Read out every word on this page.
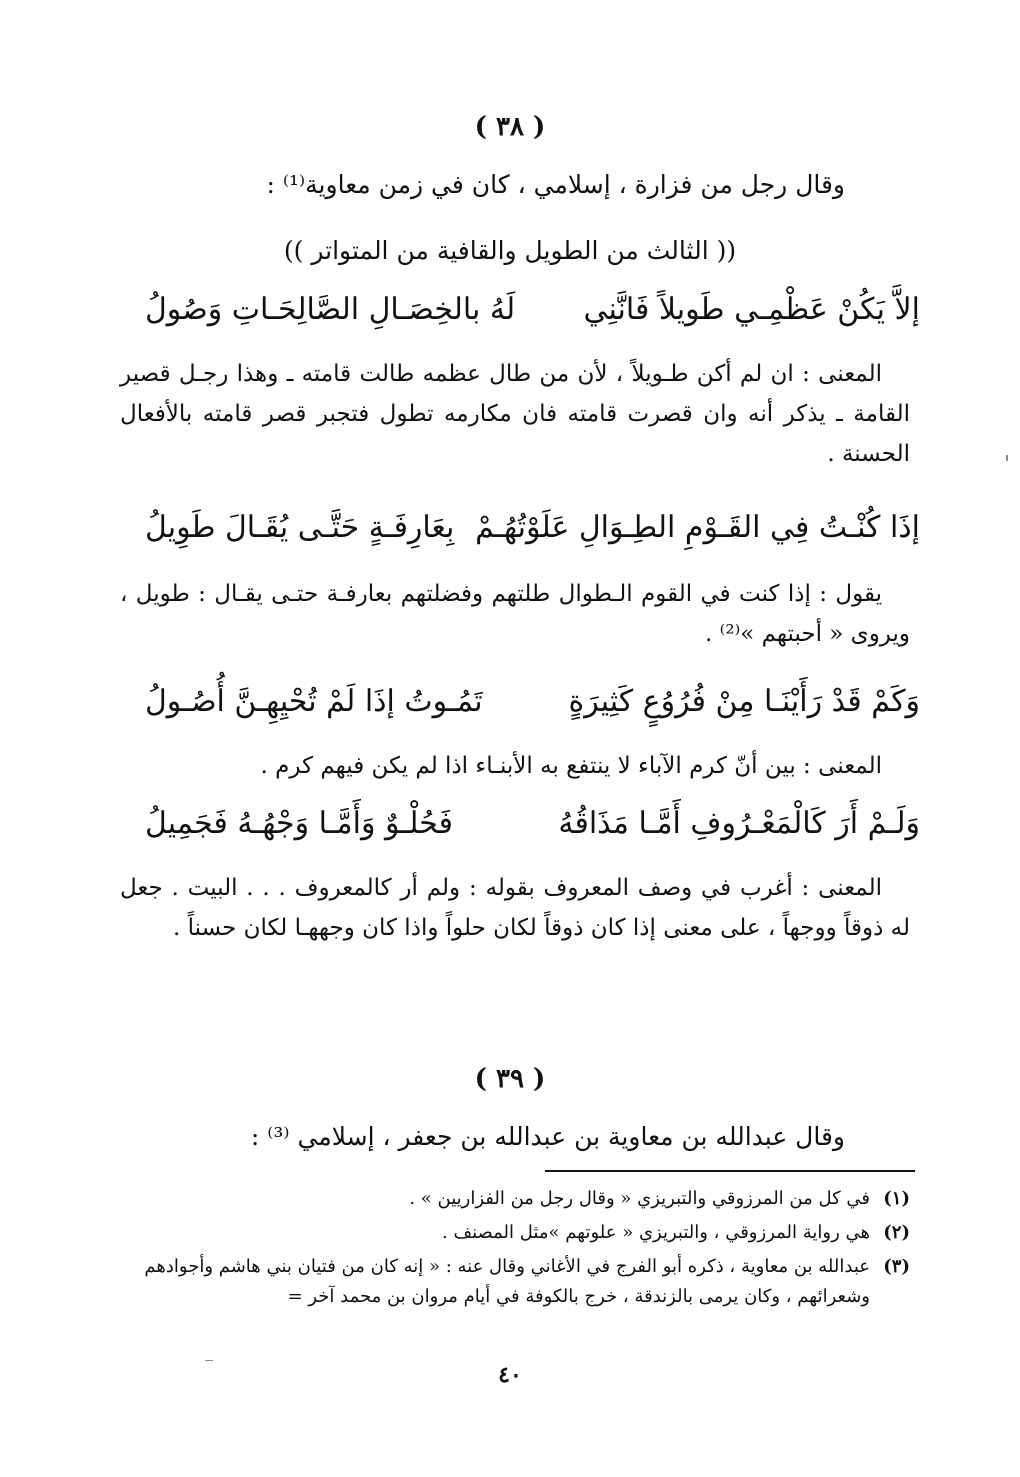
( ٣٨ )
وقال رجل من فزارة ، إسلامي ، كان في زمن معاوية⁽¹⁾ :
(( الثالث من الطويل والقافية من المتواتر ))
إلاَّ يَكُنْ عَظْمِـي طَويلاً فَانَّنِي
لَهُ بالخِصَـالِ الصَّالِحَـاتِ وَصُولُ

المعنى : ان لم أكن طـويلاً ، لأن من طال عظمه طالت قامته ـ وهذا رجـل قصير القامة ـ يذكر أنه وان قصرت قامته فان مكارمه تطول فتجبر قصر قامته بالأفعال الحسنة .

إذَا كُنْـتُ فِي القَـوْمِ الطِـوَالِ عَلَوْتُهُـمْ
بِعَارِفَـةٍ حَتَّـى يُقَـالَ طَوِيلُ

يقول : إذا كنت في القوم الـطوال طلتهم وفضلتهم بعارفـة حتـى يقـال : طويل ، ويروى « أحبتهم »⁽²⁾ .

وَكَمْ قَدْ رَأَيْنَـا مِنْ فُرُوُعٍ كَثِيرَةٍ
تَمُـوتُ إذَا لَمْ تُحْيِهِـنَّ أُصُـولُ

المعنى : بين أنّ كرم الآباء لا ينتفع به الأبنـاء اذا لم يكن فيهم كرم .

وَلَـمْ أَرَ كَالْمَعْـرُوفِ أَمَّـا مَذَاقُهُ
فَحُلْـوٌ وَأَمَّـا وَجْهُـهُ فَجَمِيلُ

المعنى : أغرب في وصف المعروف بقوله : ولم أر كالمعروف . . . البيت . جعل له ذوقاً ووجهاً ، على معنى إذا كان ذوقاً لكان حلواً واذا كان وجههـا لكان حسناً .

( ٣٩ )
وقال عبدالله بن معاوية بن عبدالله بن جعفر ، إسلامي ⁽³⁾ :
(١)
في كل من المرزوقي والتبريزي « وقال رجل من الفزاريين » .
(٢)
هي رواية المرزوقي ، والتبريزي « علوتهم »مثل المصنف .
(٣)
عبدالله بن معاوية ، ذكره أبو الفرج في الأغاني وقال عنه : « إنه كان من فتيان بني هاشم وأجوادهم وشعرائهم ، وكان يرمى بالزندقة ، خرج بالكوفة في أيام مروان بن محمد آخر =
٤٠
